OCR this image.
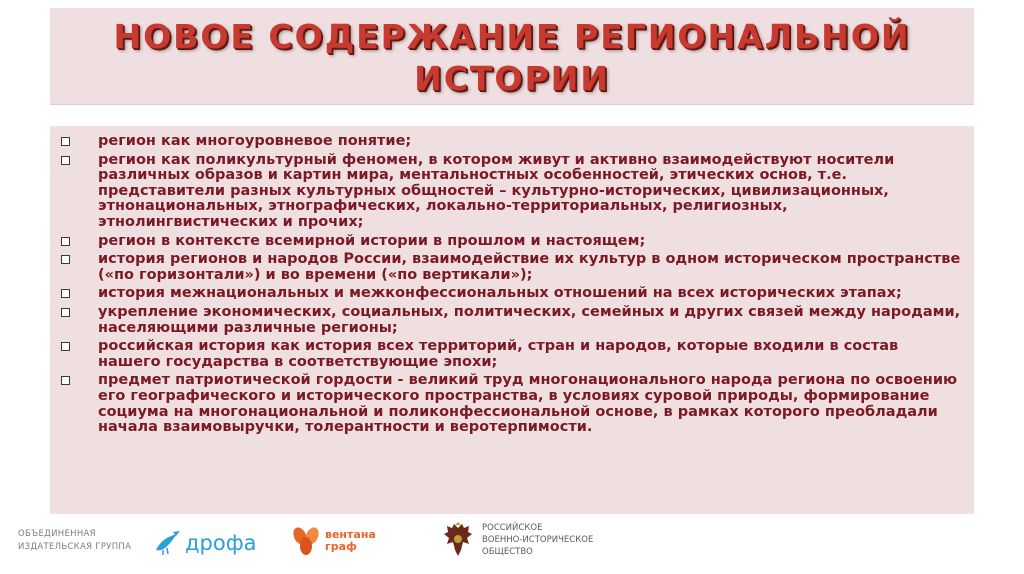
НОВОЕ СОДЕРЖАНИЕ РЕГИОНАЛЬНОЙ
ИСТОРИИ
регион как многоуровневое понятие;
регион как поликультурный феномен, в котором живут и активно взаимодействуют носители различных образов и картин мира, ментальностных особенностей, этических основ, т.е. представители разных культурных общностей – культурно-исторических, цивилизационных, этнонациональных, этнографических, локально-территориальных, религиозных, этнолингвистических и прочих;
регион в контексте всемирной истории в прошлом и настоящем;
история регионов и народов России, взаимодействие их культур в одном историческом пространстве («по горизонтали») и во времени («по вертикали»);
история межнациональных и межконфессиональных отношений на всех исторических этапах;
укрепление экономических, социальных, политических, семейных и других связей между народами, населяющими различные регионы;
российская история как история всех территорий, стран и народов, которые входили в состав нашего государства в соответствующие эпохи;
предмет патриотической гордости - великий труд многонационального народа региона по освоению его географического и исторического пространства, в условиях суровой природы, формирование социума на многонациональной и поликонфессиональной основе, в рамках которого преобладали начала взаимовыручки, толерантности и веротерпимости.
ОБЪЕДИНЕННАЯ
ИЗДАТЕЛЬСКАЯ ГРУППА	дрофа	вентана
граф
РОССИЙСКОЕ
ВОЕННО-ИСТОРИЧЕСКОЕ
ОБЩЕСТВО
